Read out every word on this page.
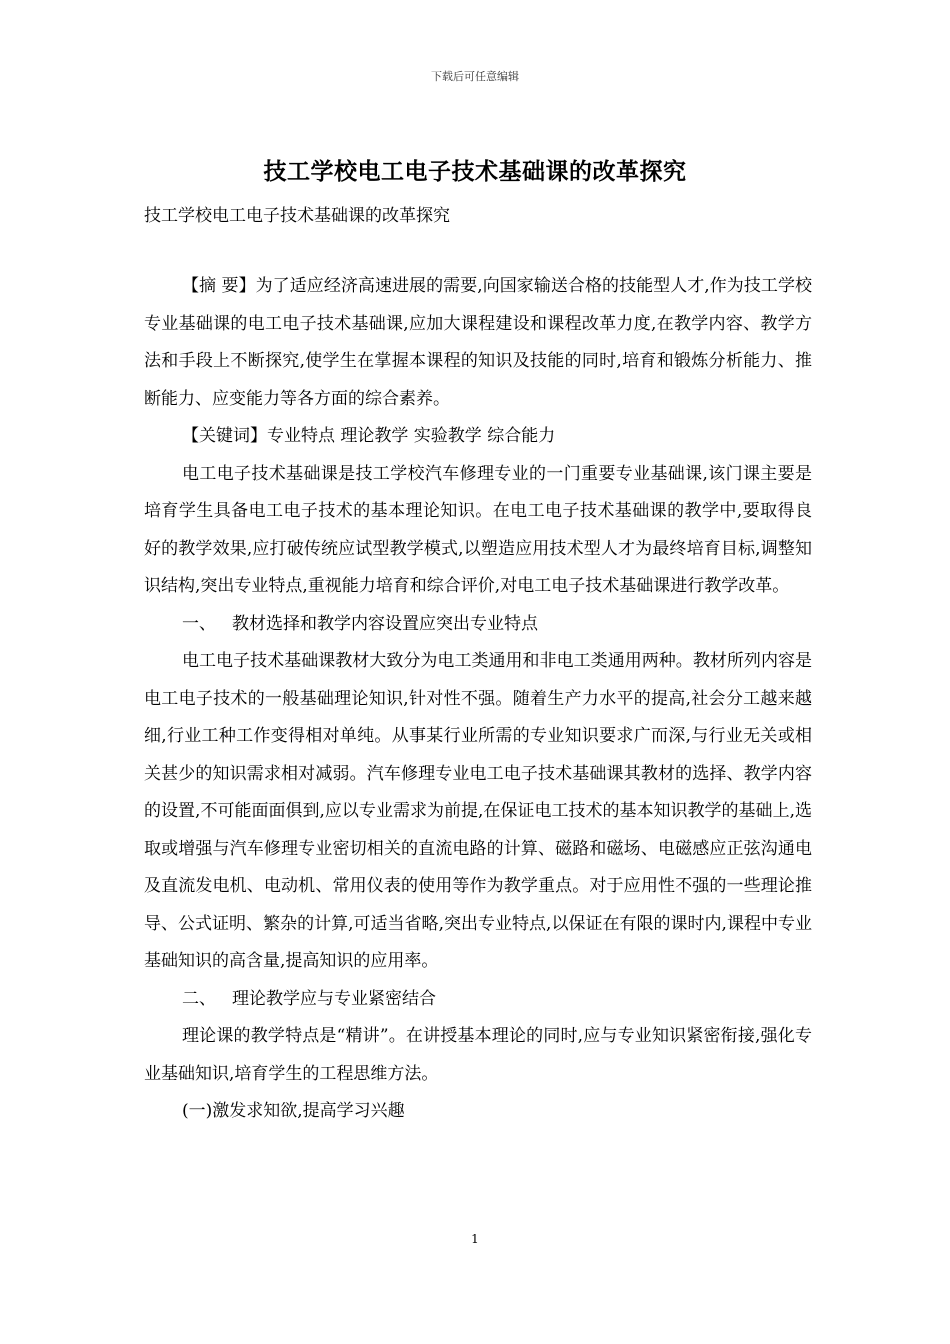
下载后可任意编辑
技工学校电工电子技术基础课的改革探究
技工学校电工电子技术基础课的改革探究

【摘 要】为了适应经济高速进展的需要,向国家输送合格的技能型人才,作为技工学校专业基础课的电工电子技术基础课,应加大课程建设和课程改革力度,在教学内容、教学方法和手段上不断探究,使学生在掌握本课程的知识及技能的同时,培育和锻炼分析能力、推断能力、应变能力等各方面的综合素养。

【关键词】专业特点 理论教学 实验教学 综合能力

电工电子技术基础课是技工学校汽车修理专业的一门重要专业基础课,该门课主要是培育学生具备电工电子技术的基本理论知识。在电工电子技术基础课的教学中,要取得良好的教学效果,应打破传统应试型教学模式,以塑造应用技术型人才为最终培育目标,调整知识结构,突出专业特点,重视能力培育和综合评价,对电工电子技术基础课进行教学改革。

一、 教材选择和教学内容设置应突出专业特点

电工电子技术基础课教材大致分为电工类通用和非电工类通用两种。教材所列内容是电工电子技术的一般基础理论知识,针对性不强。随着生产力水平的提高,社会分工越来越细,行业工种工作变得相对单纯。从事某行业所需的专业知识要求广而深,与行业无关或相关甚少的知识需求相对减弱。汽车修理专业电工电子技术基础课其教材的选择、教学内容的设置,不可能面面俱到,应以专业需求为前提,在保证电工技术的基本知识教学的基础上,选取或增强与汽车修理专业密切相关的直流电路的计算、磁路和磁场、电磁感应正弦沟通电及直流发电机、电动机、常用仪表的使用等作为教学重点。对于应用性不强的一些理论推导、公式证明、繁杂的计算,可适当省略,突出专业特点,以保证在有限的课时内,课程中专业基础知识的高含量,提高知识的应用率。

二、 理论教学应与专业紧密结合

理论课的教学特点是“精讲”。在讲授基本理论的同时,应与专业知识紧密衔接,强化专业基础知识,培育学生的工程思维方法。

(一)激发求知欲,提高学习兴趣

1
